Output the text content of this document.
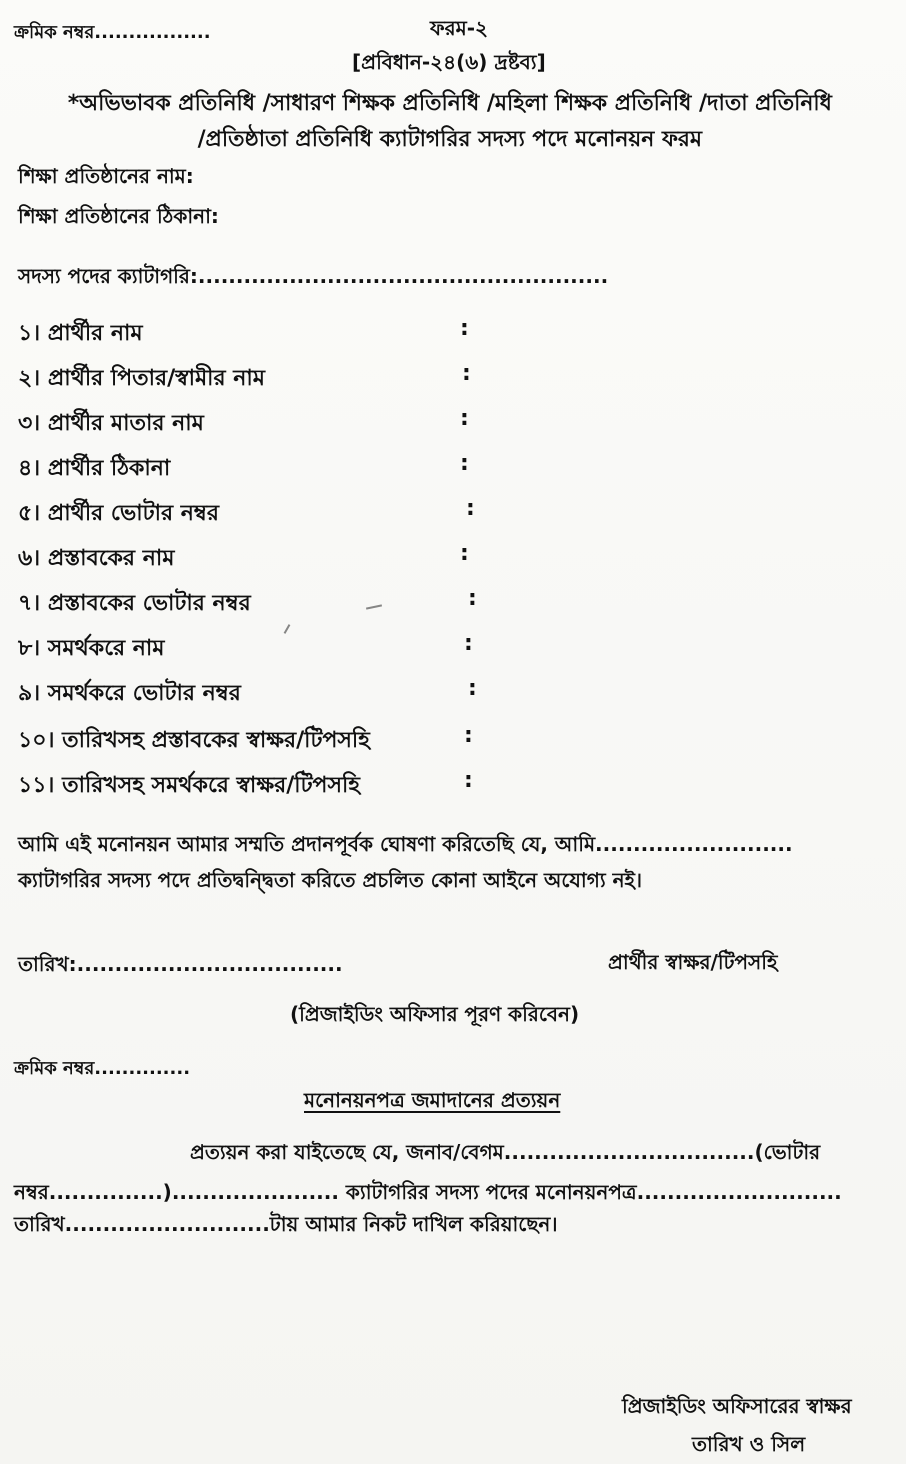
ক্রমিক নম্বর.................	ফরম-২
[প্রবিধান-২৪(৬) দ্রষ্টব্য]
*অভিভাবক প্রতিনিধি /সাধারণ শিক্ষক প্রতিনিধি /মহিলা শিক্ষক প্রতিনিধি /দাতা প্রতিনিধি
/প্রতিষ্ঠাতা প্রতিনিধি ক্যাটাগরির সদস্য পদে মনোনয়ন ফরম
শিক্ষা প্রতিষ্ঠানের নাম:
শিক্ষা প্রতিষ্ঠানের ঠিকানা:
সদস্য পদের ক্যাটাগরি:......................................................
১। প্রার্থীর নাম	:
২। প্রার্থীর পিতার/স্বামীর নাম	:
৩। প্রার্থীর মাতার নাম	:
৪। প্রার্থীর ঠিকানা	:
৫। প্রার্থীর ভোটার নম্বর	:
৬। প্রস্তাবকের নাম	:
৭। প্রস্তাবকের ভোটার নম্বর	:
৮। সমর্থকরে নাম	:
৯। সমর্থকরে ভোটার নম্বর	:
১০। তারিখসহ প্রস্তাবকের স্বাক্ষর/টিপসহি	:
১১। তারিখসহ সমর্থকরে স্বাক্ষর/টিপসহি	:
আমি এই মনোনয়ন আমার সম্মতি প্রদানপূর্বক ঘোষণা করিতেছি যে, আমি..........................
ক্যাটাগরির সদস্য পদে প্রতিদ্বন্দ্বিতা করিতে প্রচলিত কোনা আইনে অযোগ্য নই।
তারিখ:...................................	প্রার্থীর স্বাক্ষর/টিপসহি
(প্রিজাইডিং অফিসার পূরণ করিবেন)
ক্রমিক নম্বর..............
মনোনয়নপত্র জমাদানের প্রত্যয়ন
প্রত্যয়ন করা যাইতেছে যে, জনাব/বেগম.................................(ভোটার
নম্বর...............)...................... ক্যাটাগরির সদস্য পদের মনোনয়নপত্র...........................
তারিখ...........................টায় আমার নিকট দাখিল করিয়াছেন।
প্রিজাইডিং অফিসারের স্বাক্ষর
তারিখ ও সিল
